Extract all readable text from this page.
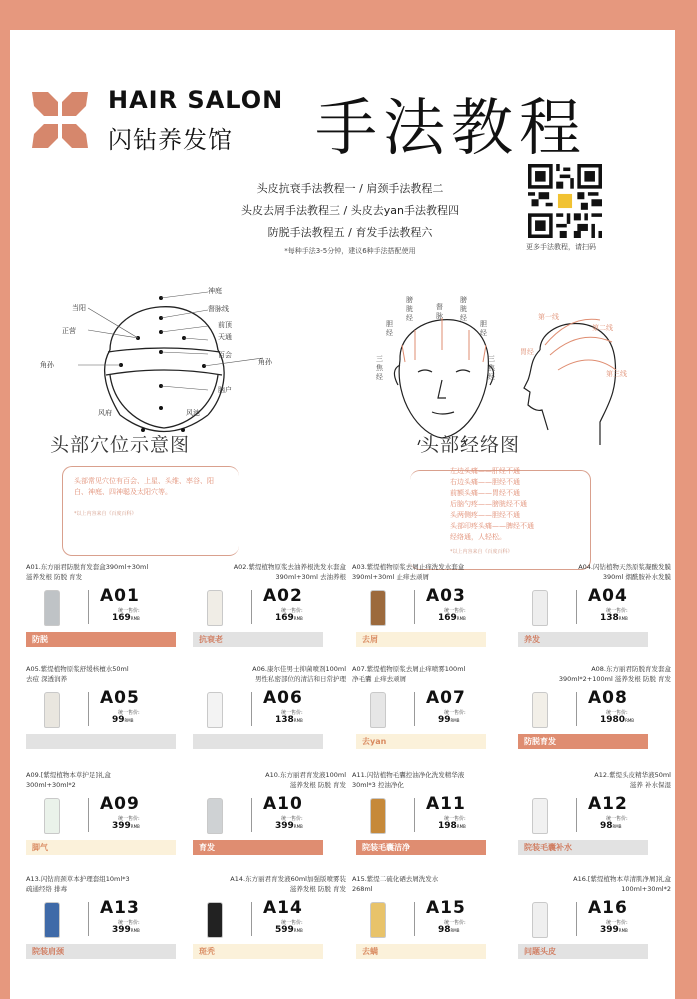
HAIR SALON
闪钻养发馆 手法教程
头皮抗衰手法教程一 / 肩颈手法教程二
头皮去屑手法教程三 / 头皮去yan手法教程四
防脱手法教程五 / 育发手法教程六
*每种手法3-5分钟，建议6种手法搭配使用	更多手法教程，请扫码
神庭
当阳	督脉线
正营
前顶
天通
角孙
百会
角孙
脑户
风府	风池
头部穴位示意图
头部常见穴位有百会、上星、头维、率谷、阳白、神庭、四神聪及太阳穴等。
*以上内容来自《百度百科》
膀胱经
督脉
膀胱经
胆经
胆经
三焦经
三焦经
第一线
第二线
第三线
胃经
头部经络图
左边头痛——肝经不通
右边头痛——胆经不通
前额头痛——胃经不通
后脑勺疼——膀胱经不通
头两侧疼——胆经不通
头部印疼头痛——脾经不通
经络通，人轻松。
*以上内容来自《百度百科》
A01.东方丽君防脱育发套盒390ml+30ml
滋养发根 防脱 育发
A01
统一售价:
169RMB
防脱
A02.紫缇植物原浆去油养根洗发水套盒
390ml+30ml 去油养根
A02
统一售价:
169RMB
抗衰老
A03.紫缇植物原浆去屑止痒洗发水套盒
390ml+30ml 止痒去顽屑
A03
统一售价:
169RMB
去屑
A04.闪钻植物天然原浆凝酸发膜
390ml 烟酰胺补水发膜
A04
统一售价:
138RMB
养发
A05.紫缇植物原浆舒缓核檀水50ml
去痘 深透润养
A05
统一售价:
99RMB
A06.康尔佳男士抑菌喷剂100ml
男性私密部位的清洁和日常护理
A06
统一售价:
138RMB
A07.紫缇植物原浆去屑止痒喷雾100ml
净毛囊 止痒去顽屑
A07
统一售价:
99RMB
去yan
A08.东方丽君防脱育发套盒
390ml*2+100ml 滋养发根 防脱 育发
A08
统一售价:
1980RMB
防脱育发
A09.[紫缇植物本草护足]礼盒
300ml+30ml*2
A09
统一售价:
399RMB
脚气
A10.东方丽君育发液100ml
滋养发根 防脱 育发
A10
统一售价:
399RMB
育发
A11.闪钻植物毛囊控油净化洗发精华液
30ml*3 控油净化
A11
统一售价:
198RMB
院装毛囊洁净
A12.紫缇头皮精华液50ml
滋养 补水保湿
A12
统一售价:
98RMB
院装毛囊补水
A13.闪钻肩颈草本护理套组10ml*3
疏通经络 排毒
A13
统一售价:
399RMB
院装肩颈
A14.东方丽君育发液60ml加强版喷雾装
滋养发根 防脱 育发
A14
统一售价:
599RMB
斑秃
A15.紫缇二硫化硒去屑洗发水
268ml
A15
统一售价:
98RMB
去螨
A16.[紫缇植物本草清肌净屑]礼盒
100ml+30ml*2
A16
统一售价:
399RMB
问题头皮
